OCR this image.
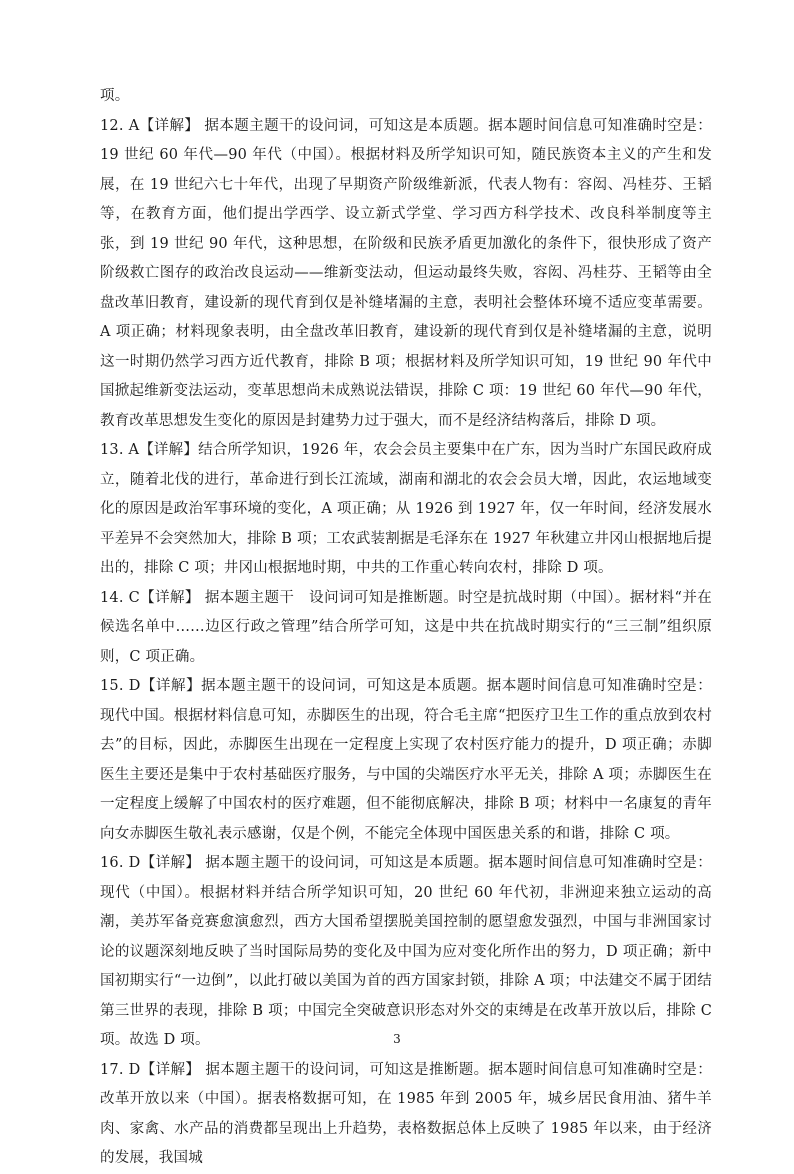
项。

12. A【详解】 据本题主题干的设问词，可知这是本质题。据本题时间信息可知准确时空是：19 世纪 60 年代—90 年代（中国）。根据材料及所学知识可知，随民族资本主义的产生和发展，在 19 世纪六七十年代，出现了早期资产阶级维新派，代表人物有：容闳、冯桂芬、王韬等，在教育方面，他们提出学西学、设立新式学堂、学习西方科学技术、改良科举制度等主张，到 19 世纪 90 年代，这种思想，在阶级和民族矛盾更加激化的条件下，很快形成了资产阶级救亡图存的政治改良运动——维新变法动，但运动最终失败，容闳、冯桂芬、王韬等由全盘改革旧教育，建设新的现代育到仅是补缝堵漏的主意，表明社会整体环境不适应变革需要。A 项正确；材料现象表明，由全盘改革旧教育，建设新的现代育到仅是补缝堵漏的主意，说明这一时期仍然学习西方近代教育，排除 B 项；根据材料及所学知识可知，19 世纪 90 年代中国掀起维新变法运动，变革思想尚未成熟说法错误，排除 C 项：19 世纪 60 年代—90 年代，教育改革思想发生变化的原因是封建势力过于强大，而不是经济结构落后，排除 D 项。

13. A【详解】结合所学知识，1926 年，农会会员主要集中在广东，因为当时广东国民政府成立，随着北伐的进行，革命进行到长江流域，湖南和湖北的农会会员大增，因此，农运地域变化的原因是政治军事环境的变化，A 项正确；从 1926 到 1927 年，仅一年时间，经济发展水平差异不会突然加大，排除 B 项；工农武装割据是毛泽东在 1927 年秋建立井冈山根据地后提出的，排除 C 项；井冈山根据地时期，中共的工作重心转向农村，排除 D 项。

14. C【详解】 据本题主题干　设问词可知是推断题。时空是抗战时期（中国）。据材料“并在候选名单中……边区行政之管理”结合所学可知，这是中共在抗战时期实行的“三三制”组织原则，C 项正确。

15. D【详解】据本题主题干的设问词，可知这是本质题。据本题时间信息可知准确时空是：现代中国。根据材料信息可知，赤脚医生的出现，符合毛主席“把医疗卫生工作的重点放到农村去”的目标，因此，赤脚医生出现在一定程度上实现了农村医疗能力的提升，D 项正确；赤脚医生主要还是集中于农村基础医疗服务，与中国的尖端医疗水平无关，排除 A 项；赤脚医生在一定程度上缓解了中国农村的医疗难题，但不能彻底解决，排除 B 项；材料中一名康复的青年向女赤脚医生敬礼表示感谢，仅是个例，不能完全体现中国医患关系的和谐，排除 C 项。

16. D【详解】 据本题主题干的设问词，可知这是本质题。据本题时间信息可知准确时空是：现代（中国）。根据材料并结合所学知识可知，20 世纪 60 年代初，非洲迎来独立运动的高潮，美苏军备竞赛愈演愈烈，西方大国希望摆脱美国控制的愿望愈发强烈，中国与非洲国家讨论的议题深刻地反映了当时国际局势的变化及中国为应对变化所作出的努力，D 项正确；新中国初期实行“一边倒”，以此打破以美国为首的西方国家封锁，排除 A 项；中法建交不属于团结第三世界的表现，排除 B 项；中国完全突破意识形态对外交的束缚是在改革开放以后，排除 C 项。故选 D 项。

17. D【详解】 据本题主题干的设问词，可知这是推断题。据本题时间信息可知准确时空是：改革开放以来（中国）。据表格数据可知，在 1985 年到 2005 年，城乡居民食用油、猪牛羊肉、家禽、水产品的消费都呈现出上升趋势，表格数据总体上反映了 1985 年以来，由于经济的发展，我国城

3
